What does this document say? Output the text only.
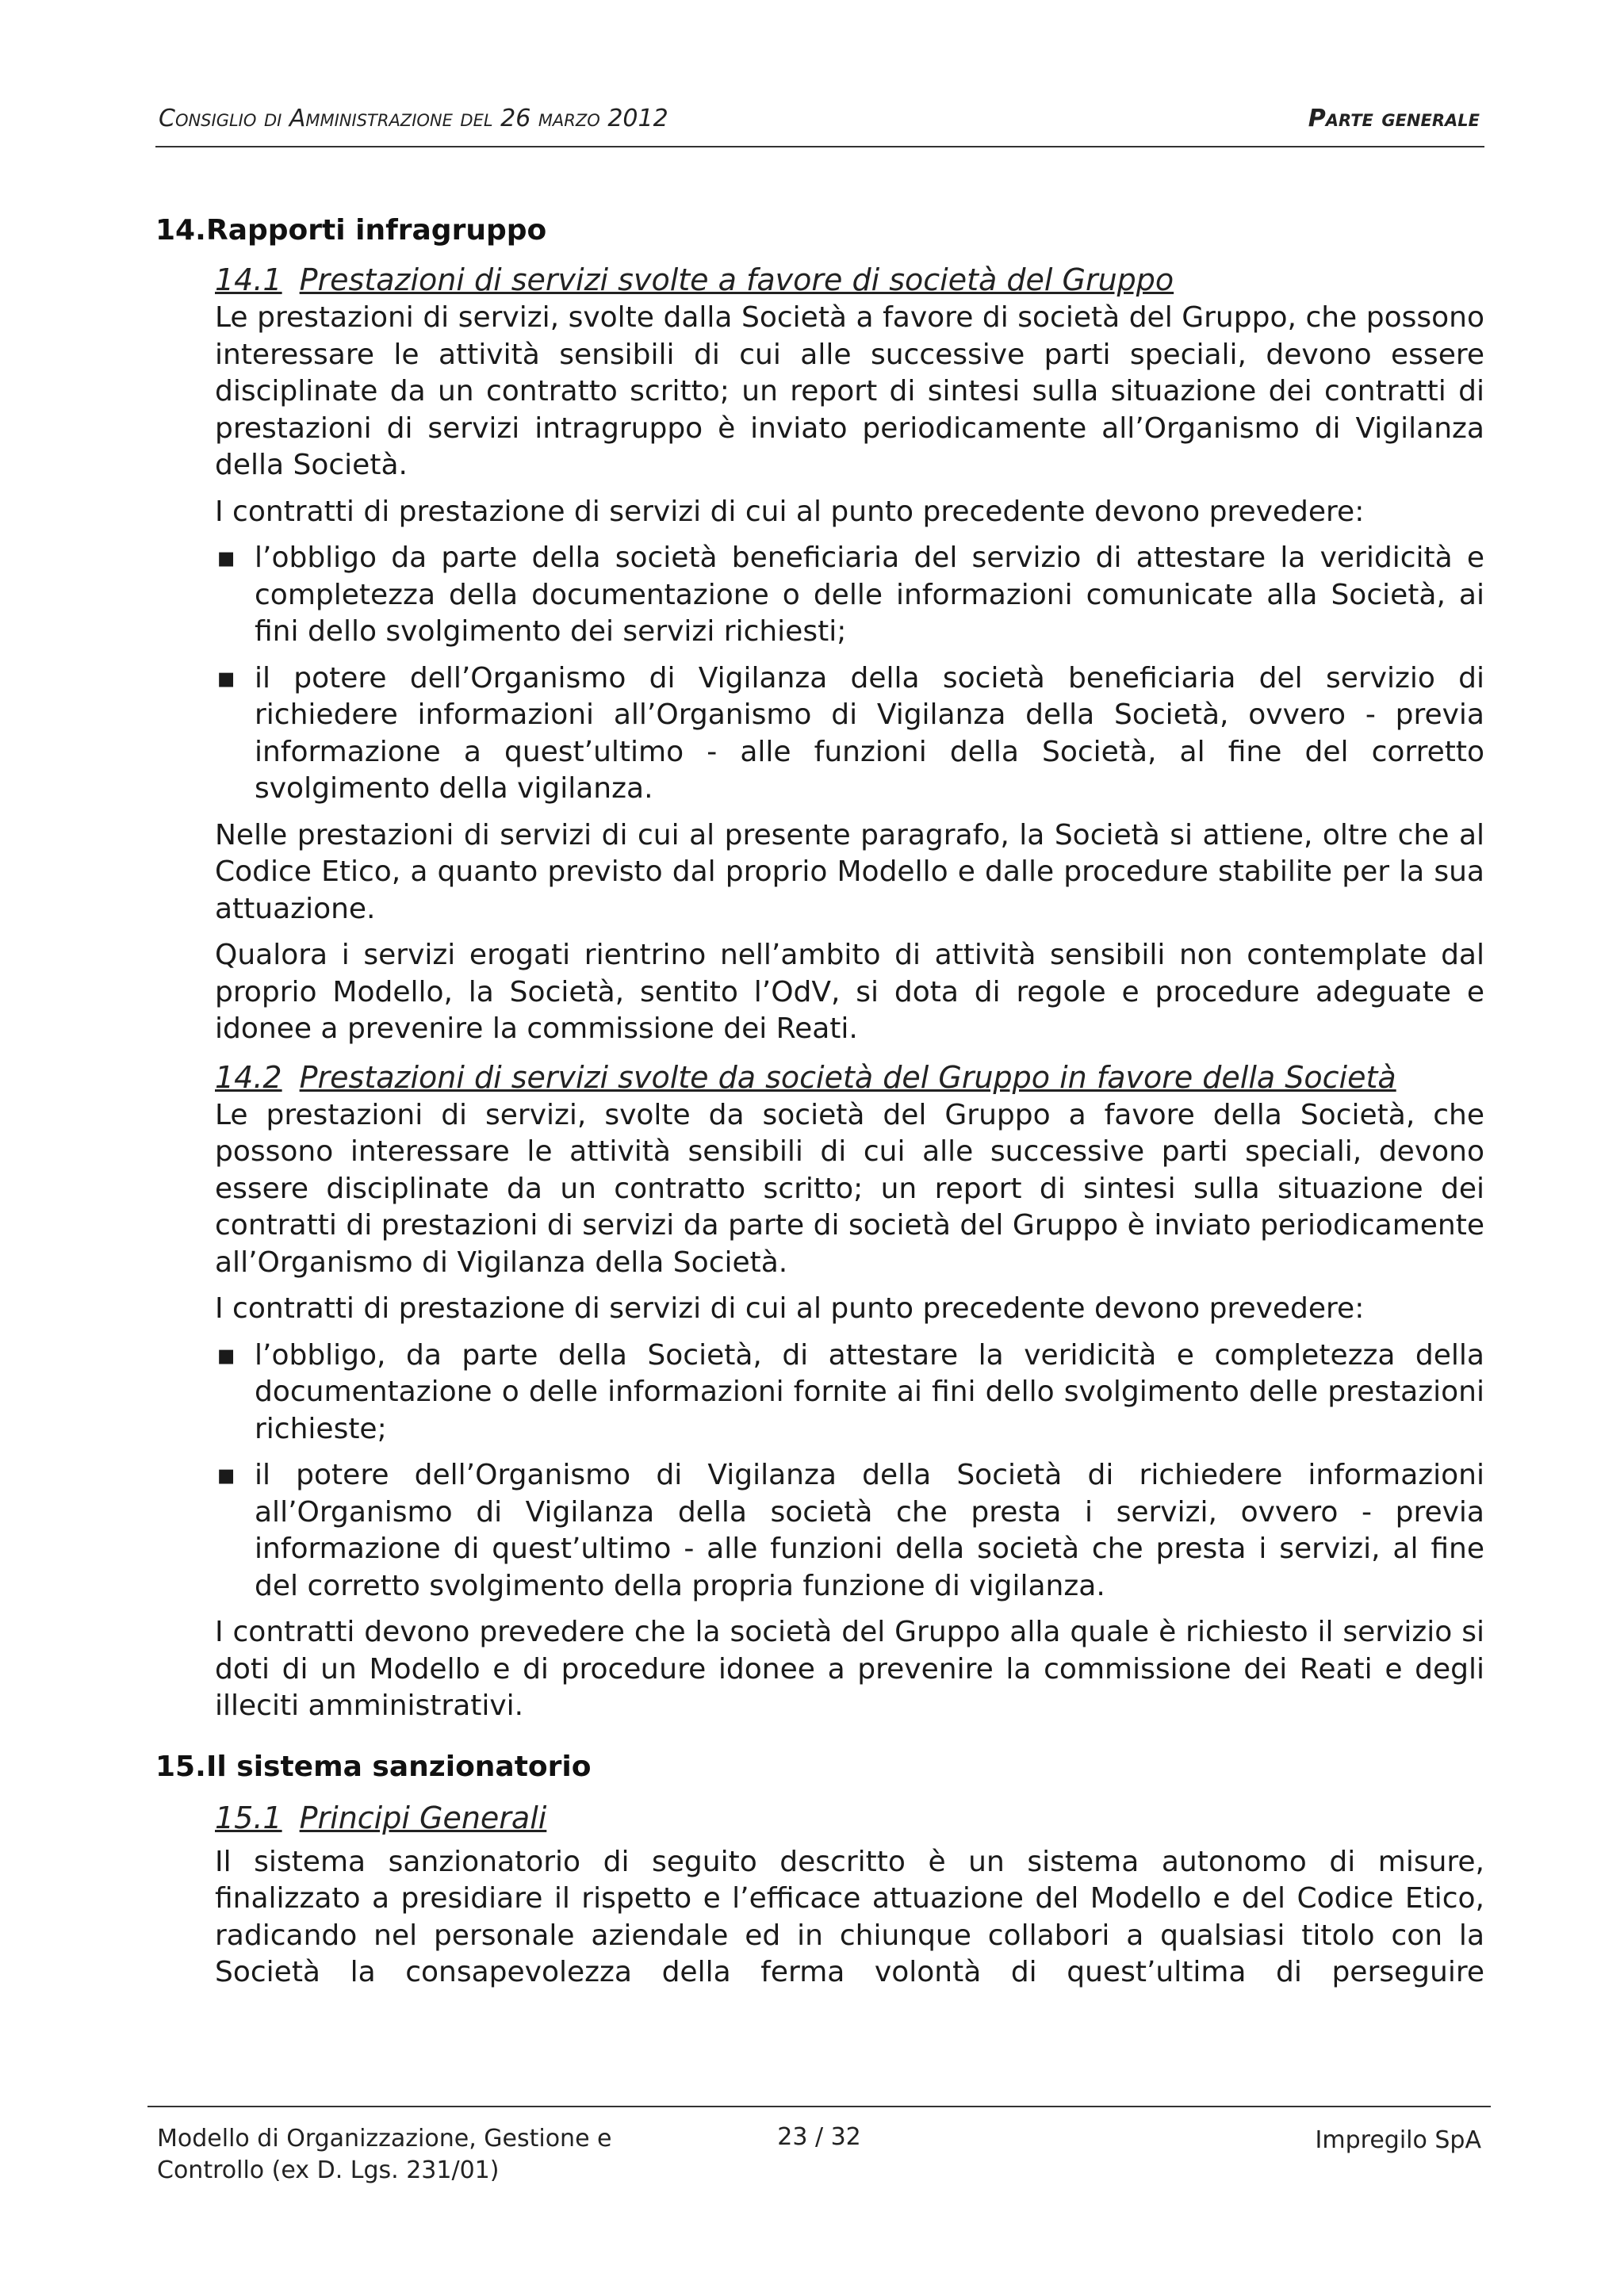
Consiglio di Amministrazione del 26 marzo 2012	Parte generale
14.Rapporti infragruppo
14.1 Prestazioni di servizi svolte a favore di società del Gruppo

Le prestazioni di servizi, svolte dalla Società a favore di società del Gruppo, che possono interessare le attività sensibili di cui alle successive parti speciali, devono essere disciplinate da un contratto scritto; un report di sintesi sulla situazione dei contratti di prestazioni di servizi intragruppo è inviato periodicamente all’Organismo di Vigilanza della Società.

I contratti di prestazione di servizi di cui al punto precedente devono prevedere:

▪ l’obbligo da parte della società beneficiaria del servizio di attestare la veridicità e completezza della documentazione o delle informazioni comunicate alla Società, ai fini dello svolgimento dei servizi richiesti;
▪ il potere dell’Organismo di Vigilanza della società beneficiaria del servizio di richiedere informazioni all’Organismo di Vigilanza della Società, ovvero - previa informazione a quest’ultimo - alle funzioni della Società, al fine del corretto svolgimento della vigilanza.

Nelle prestazioni di servizi di cui al presente paragrafo, la Società si attiene, oltre che al Codice Etico, a quanto previsto dal proprio Modello e dalle procedure stabilite per la sua attuazione.

Qualora i servizi erogati rientrino nell’ambito di attività sensibili non contemplate dal proprio Modello, la Società, sentito l’OdV, si dota di regole e procedure adeguate e idonee a prevenire la commissione dei Reati.

14.2 Prestazioni di servizi svolte da società del Gruppo in favore della Società

Le prestazioni di servizi, svolte da società del Gruppo a favore della Società, che possono interessare le attività sensibili di cui alle successive parti speciali, devono essere disciplinate da un contratto scritto; un report di sintesi sulla situazione dei contratti di prestazioni di servizi da parte di società del Gruppo è inviato periodicamente all’Organismo di Vigilanza della Società.

I contratti di prestazione di servizi di cui al punto precedente devono prevedere:

▪ l’obbligo, da parte della Società, di attestare la veridicità e completezza della documentazione o delle informazioni fornite ai fini dello svolgimento delle prestazioni richieste;
▪ il potere dell’Organismo di Vigilanza della Società di richiedere informazioni all’Organismo di Vigilanza della società che presta i servizi, ovvero - previa informazione di quest’ultimo - alle funzioni della società che presta i servizi, al fine del corretto svolgimento della propria funzione di vigilanza.

I contratti devono prevedere che la società del Gruppo alla quale è richiesto il servizio si doti di un Modello e di procedure idonee a prevenire la commissione dei Reati e degli illeciti amministrativi.

15.Il sistema sanzionatorio
15.1 Principi Generali

Il sistema sanzionatorio di seguito descritto è un sistema autonomo di misure, finalizzato a presidiare il rispetto e l’efficace attuazione del Modello e del Codice Etico, radicando nel personale aziendale ed in chiunque collabori a qualsiasi titolo con la Società la consapevolezza della ferma volontà di quest’ultima di perseguire

Modello di Organizzazione, Gestione e
Controllo (ex D. Lgs. 231/01)
23 / 32	Impregilo SpA
